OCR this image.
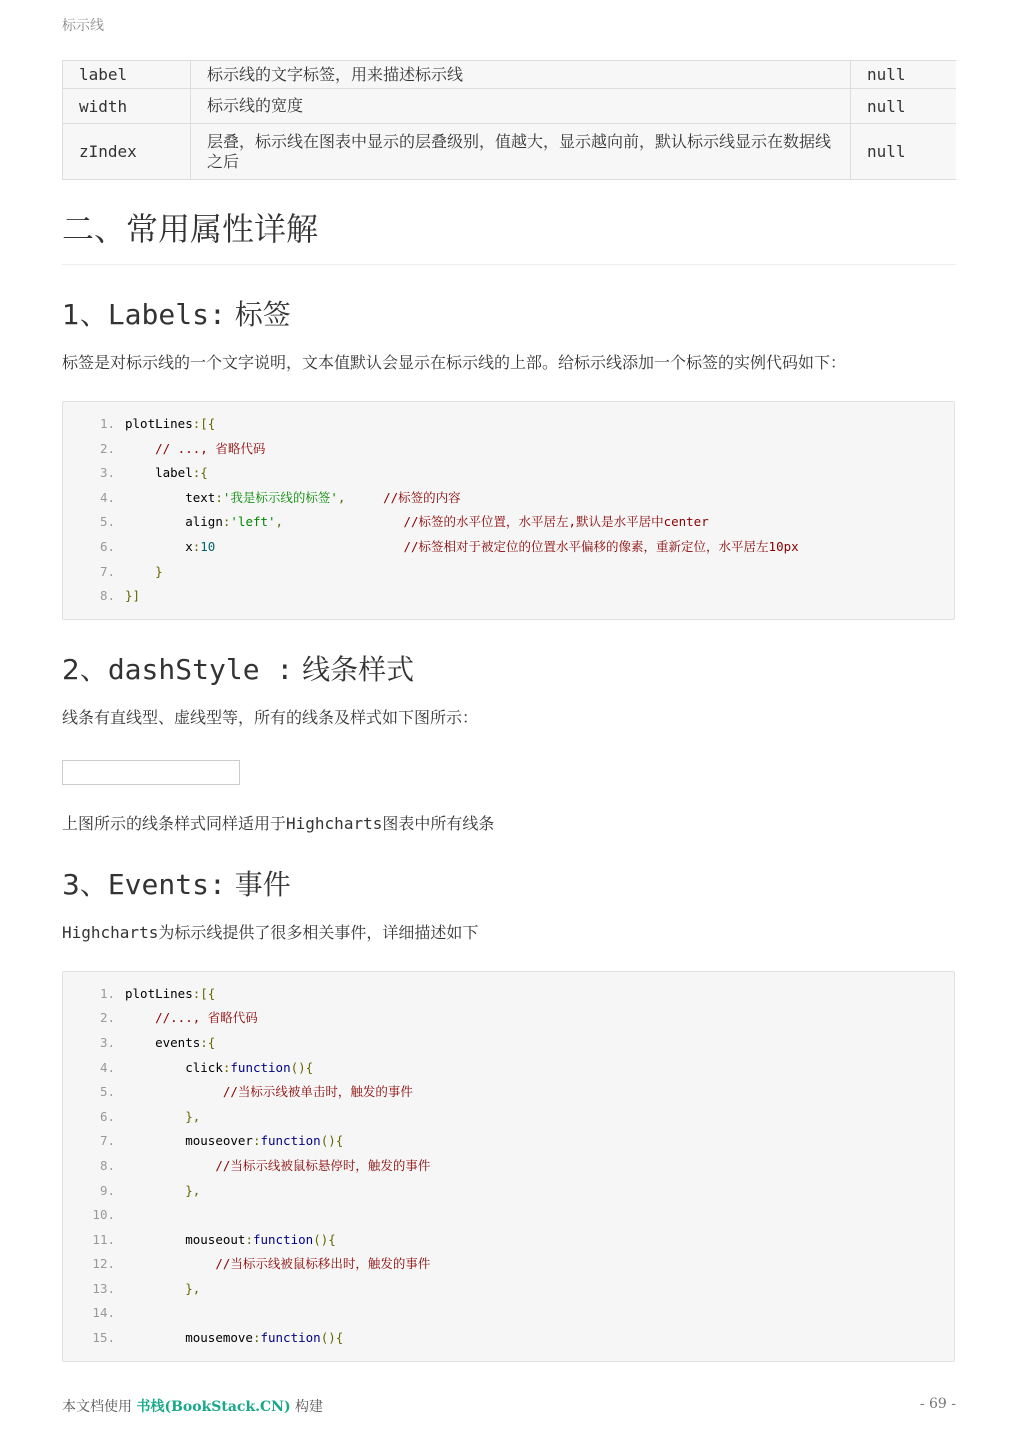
标示线
label	标示线的文字标签，用来描述标示线	null
width	标示线的宽度	null
zIndex	层叠，标示线在图表中显示的层叠级别，值越大，显示越向前，默认标示线显示在数据线之后	null
二、常用属性详解
1、Labels: 标签

标签是对标示线的一个文字说明，文本值默认会显示在标示线的上部。给标示线添加一个标签的实例代码如下：

1. plotLines:[{
2.	// ..., 省略代码
3.	label:{
4.	text:'我是标示线的标签',	//标签的内容
5.	align:'left',	//标签的水平位置，水平居左,默认是水平居中center
6.	x:10	//标签相对于被定位的位置水平偏移的像素，重新定位，水平居左10px
7.	}
8. }]
2、dashStyle : 线条样式

线条有直线型、虚线型等，所有的线条及样式如下图所示：

上图所示的线条样式同样适用于Highcharts图表中所有线条

3、Events: 事件

Highcharts为标示线提供了很多相关事件，详细描述如下

1. plotLines:[{
2.	//..., 省略代码
3.	events:{
4.	click:function(){
5.	//当标示线被单击时，触发的事件
6.	},
7.	mouseover:function(){
8.	//当标示线被鼠标悬停时，触发的事件
9.	},
10.
11.	mouseout:function(){
12.	//当标示线被鼠标移出时，触发的事件
13.	},
14.
15.	mousemove:function(){
本文档使用 书栈(BookStack.CN) 构建	- 69 -
